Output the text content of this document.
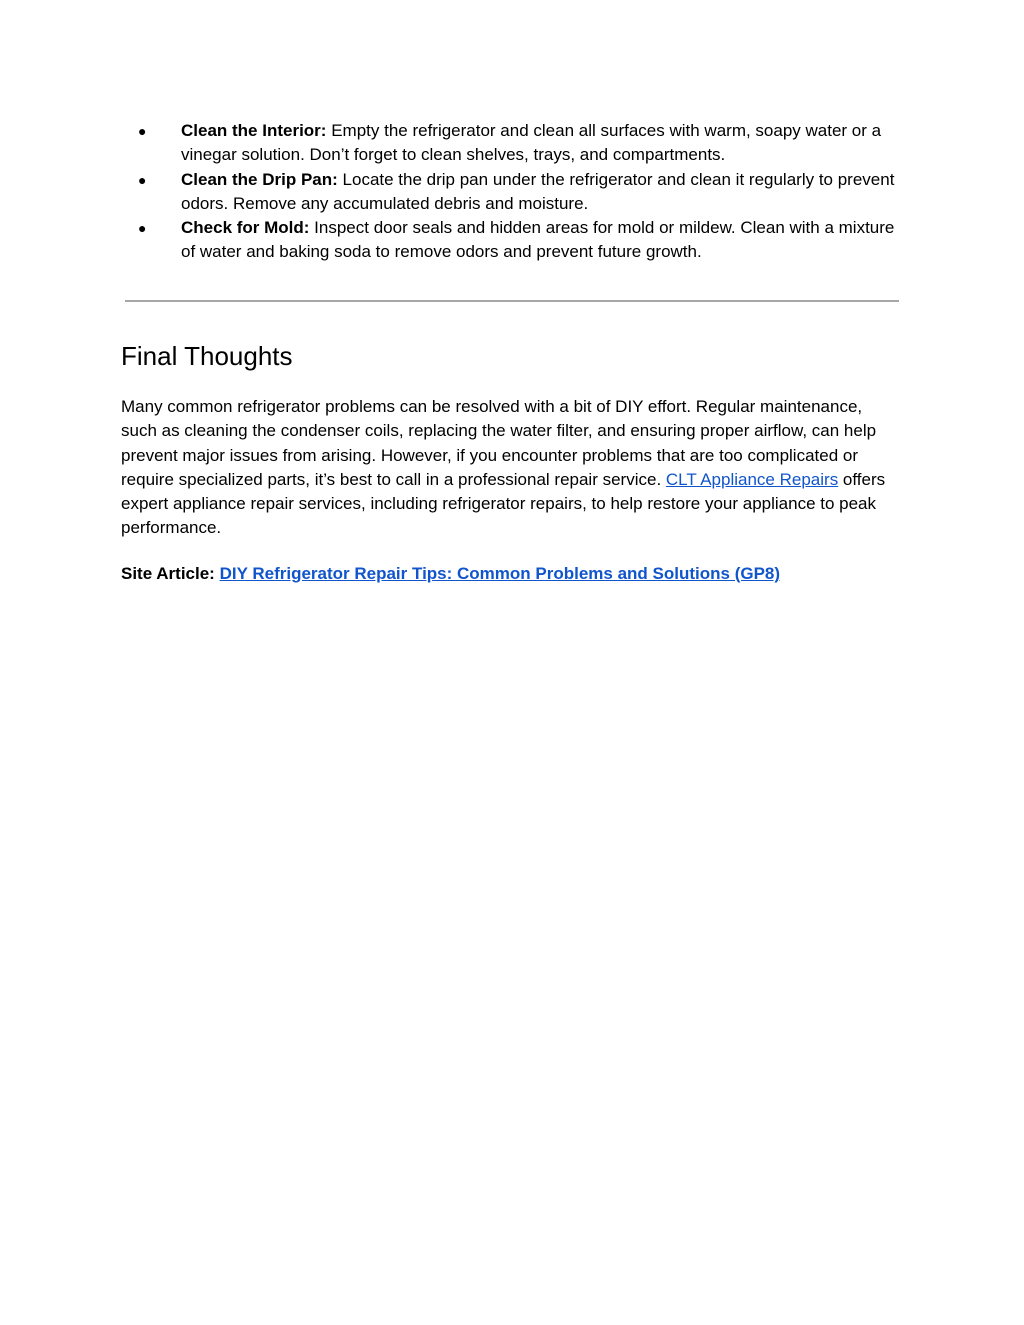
● Clean the Interior: Empty the refrigerator and clean all surfaces with warm, soapy water or a vinegar solution. Don’t forget to clean shelves, trays, and compartments.
● Clean the Drip Pan: Locate the drip pan under the refrigerator and clean it regularly to prevent odors. Remove any accumulated debris and moisture.
● Check for Mold: Inspect door seals and hidden areas for mold or mildew. Clean with a mixture of water and baking soda to remove odors and prevent future growth.
Final Thoughts

Many common refrigerator problems can be resolved with a bit of DIY effort. Regular maintenance, such as cleaning the condenser coils, replacing the water filter, and ensuring proper airflow, can help prevent major issues from arising. However, if you encounter problems that are too complicated or require specialized parts, it’s best to call in a professional repair service. CLT Appliance Repairs offers expert appliance repair services, including refrigerator repairs, to help restore your appliance to peak performance.

Site Article: DIY Refrigerator Repair Tips: Common Problems and Solutions (GP8)
